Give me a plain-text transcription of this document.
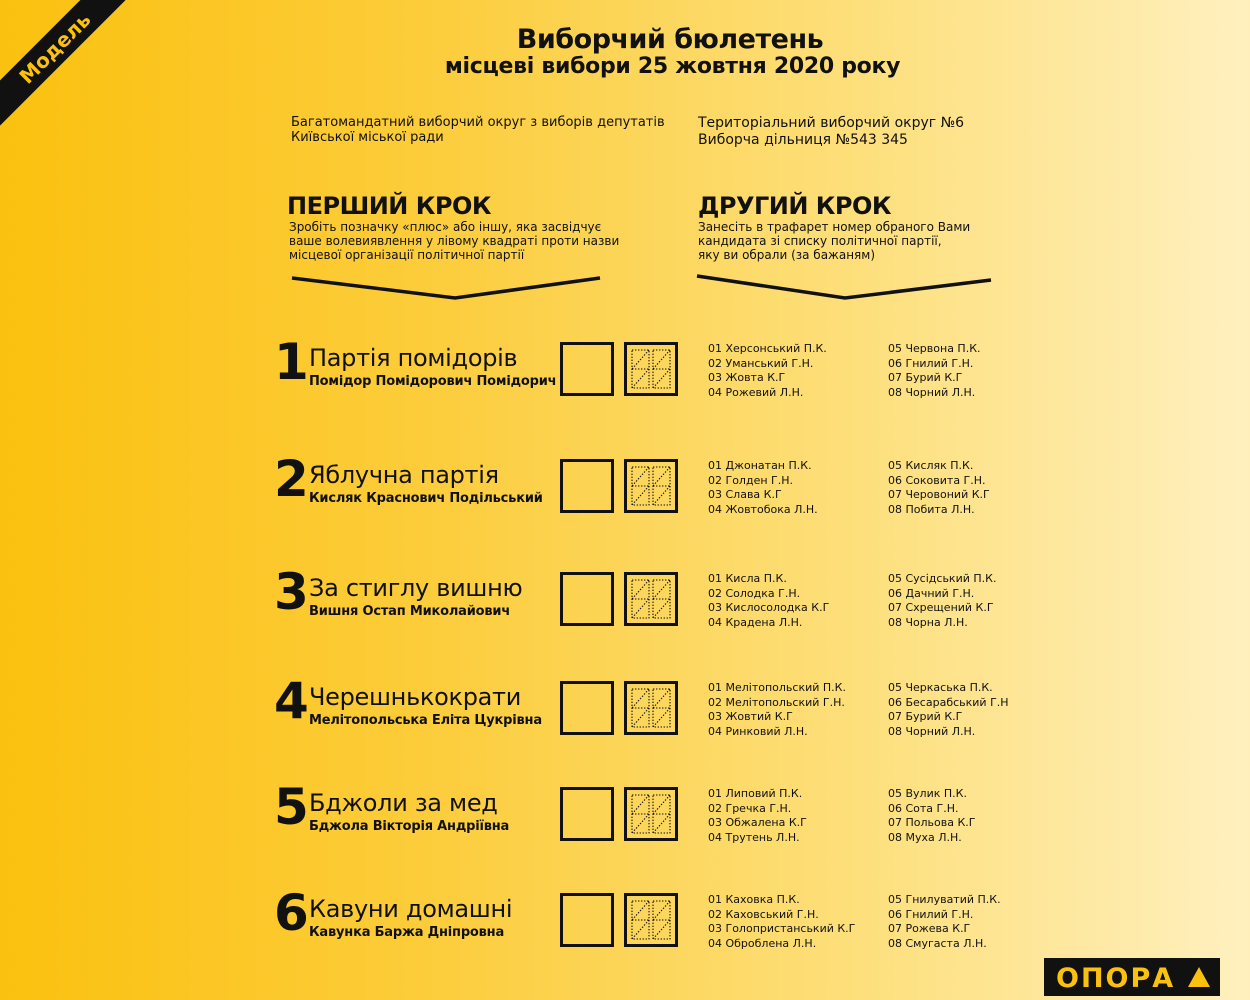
Модель	Виборчий бюлетень
місцеві вибори 25 жовтня 2020 року
Багатомандатний виборчий округ з виборів депутатів
Київської міської ради
Територіальний виборчий округ №6
Виборча дільниця №543 345
ПЕРШИЙ КРОК
Зробіть позначку «плюс» або іншу, яка засвідчує
ваше волевиявлення у лівому квадраті проти назви
місцевої організації політичної партії
ДРУГИЙ КРОК
Занесіть в трафарет номер обраного Вами
кандидата зі списку політичної партії,
яку ви обрали (за бажаням)
1 Партія помідорів
Помідор Помідорович Помідорич
01 Херсонський П.К.
02 Уманський Г.Н.
03 Жовта К.Г
04 Рожевий Л.Н.
05 Червона П.К.
06 Гнилий Г.Н.
07 Бурий К.Г
08 Чорний Л.Н.
2 Яблучна партія
Кисляк Краснович Подільський
01 Джонатан П.К.
02 Голден Г.Н.
03 Слава К.Г
04 Жовтобока Л.Н.
05 Кисляк П.К.
06 Соковита Г.Н.
07 Черовоний К.Г
08 Побита Л.Н.
3 За стиглу вишню
Вишня Остап Миколайович
01 Кисла П.К.
02 Солодка Г.Н.
03 Кислосолодка К.Г
04 Крадена Л.Н.
05 Сусідський П.К.
06 Дачний Г.Н.
07 Схрещений К.Г
08 Чорна Л.Н.
4 Черешнькократи
Мелітопольська Еліта Цукрівна
01 Мелітопольский П.К.
02 Мелітопольский Г.Н.
03 Жовтий К.Г
04 Ринковий Л.Н.
05 Черкаська П.К.
06 Бесарабський Г.Н
07 Бурий К.Г
08 Чорний Л.Н.
5 Бджоли за мед
Бджола Вікторія Андріївна
01 Липовий П.К.
02 Гречка Г.Н.
03 Обжалена К.Г
04 Трутень Л.Н.
05 Вулик П.К.
06 Сота Г.Н.
07 Польова К.Г
08 Муха Л.Н.
6 Кавуни домашні
Кавунка Баржа Дніпровна
01 Каховка П.К.
02 Каховський Г.Н.
03 Голопристанський К.Г
04 Оброблена Л.Н.
05 Гнилуватий П.К.
06 Гнилий Г.Н.
07 Рожева К.Г
08 Смугаста Л.Н.
ОПОРА
